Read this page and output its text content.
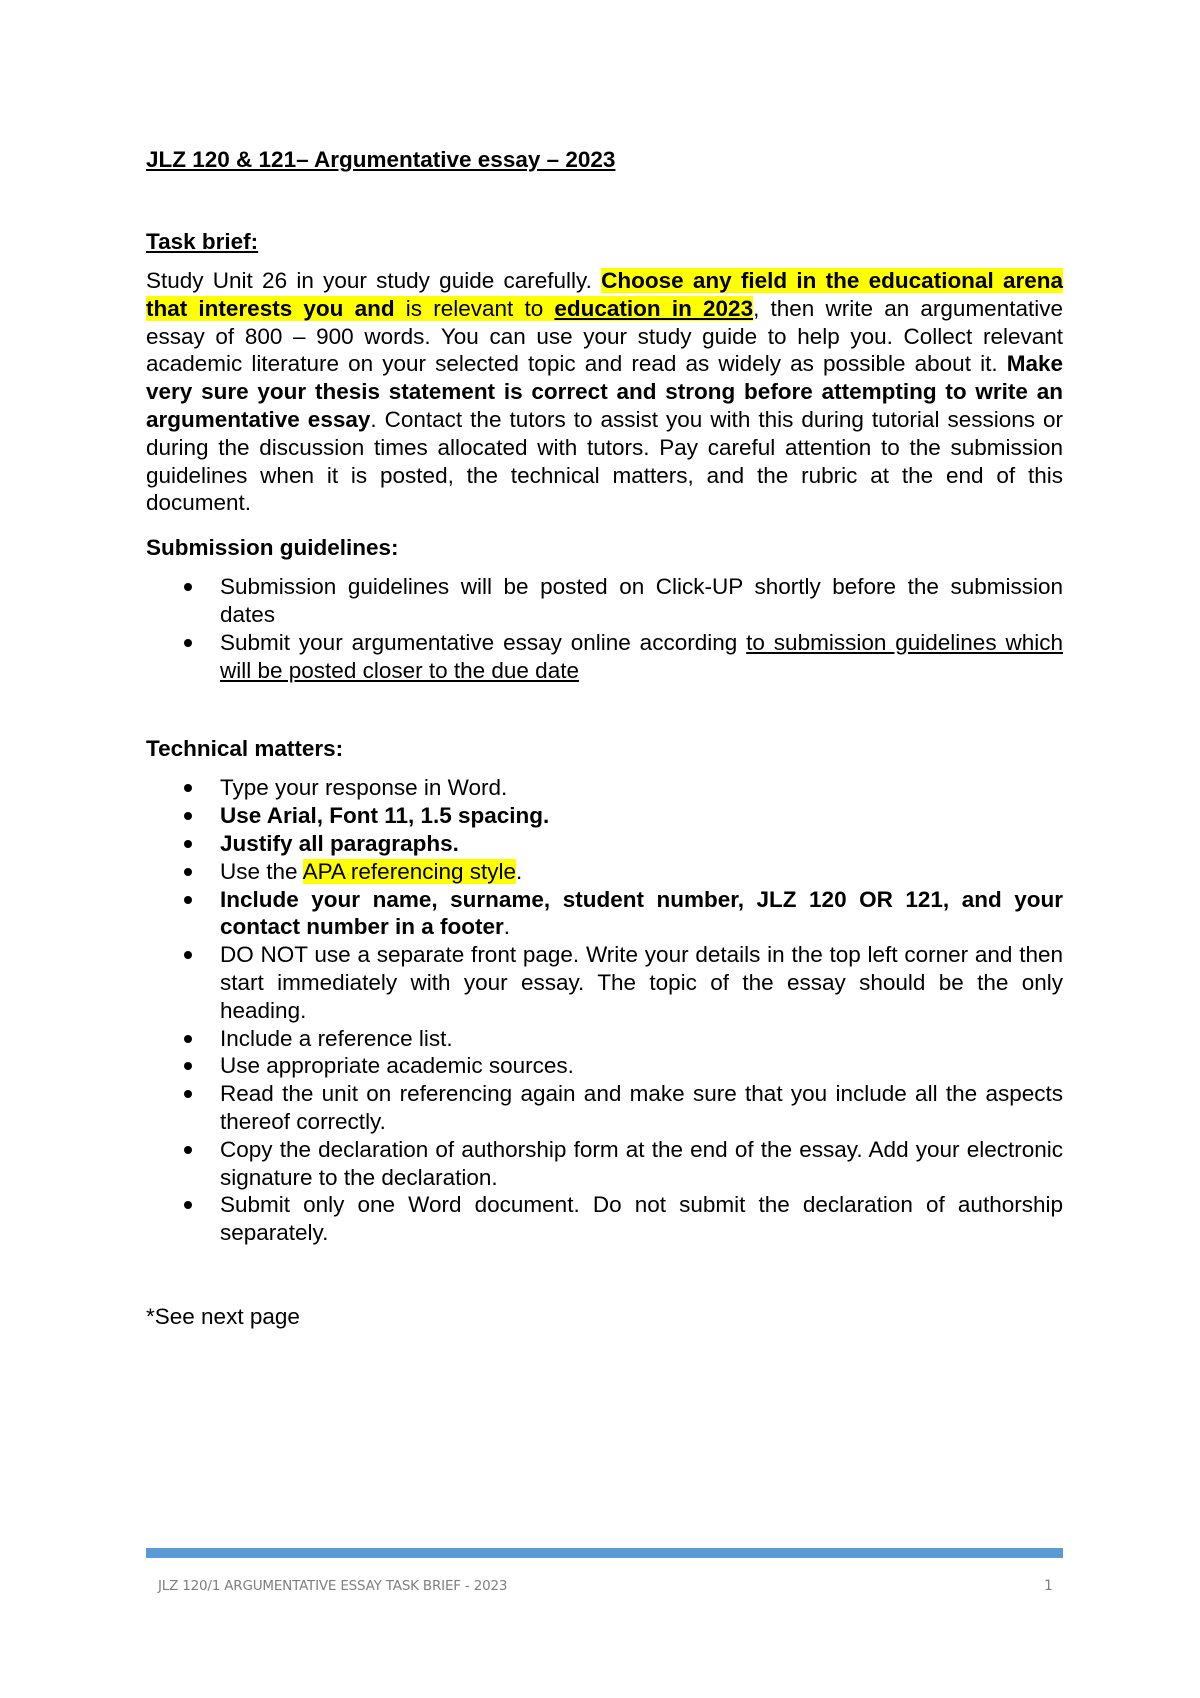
JLZ 120 & 121– Argumentative essay – 2023
Task brief:

Study Unit 26 in your study guide carefully. Choose any field in the educational arena that interests you and is relevant to education in 2023, then write an argumentative essay of 800 – 900 words. You can use your study guide to help you. Collect relevant academic literature on your selected topic and read as widely as possible about it. Make very sure your thesis statement is correct and strong before attempting to write an argumentative essay. Contact the tutors to assist you with this during tutorial sessions or during the discussion times allocated with tutors. Pay careful attention to the submission guidelines when it is posted, the technical matters, and the rubric at the end of this document.

Submission guidelines:
Submission guidelines will be posted on Click-UP shortly before the submission dates
Submit your argumentative essay online according to submission guidelines which will be posted closer to the due date
Technical matters:
Type your response in Word.
Use Arial, Font 11, 1.5 spacing.
Justify all paragraphs.
Use the APA referencing style.
Include your name, surname, student number, JLZ 120 OR 121, and your contact number in a footer.
DO NOT use a separate front page. Write your details in the top left corner and then start immediately with your essay. The topic of the essay should be the only heading.
Include a reference list.
Use appropriate academic sources.
Read the unit on referencing again and make sure that you include all the aspects thereof correctly.
Copy the declaration of authorship form at the end of the essay. Add your electronic signature to the declaration.
Submit only one Word document. Do not submit the declaration of authorship separately.

*See next page

JLZ 120/1 ARGUMENTATIVE ESSAY TASK BRIEF - 2023	1
